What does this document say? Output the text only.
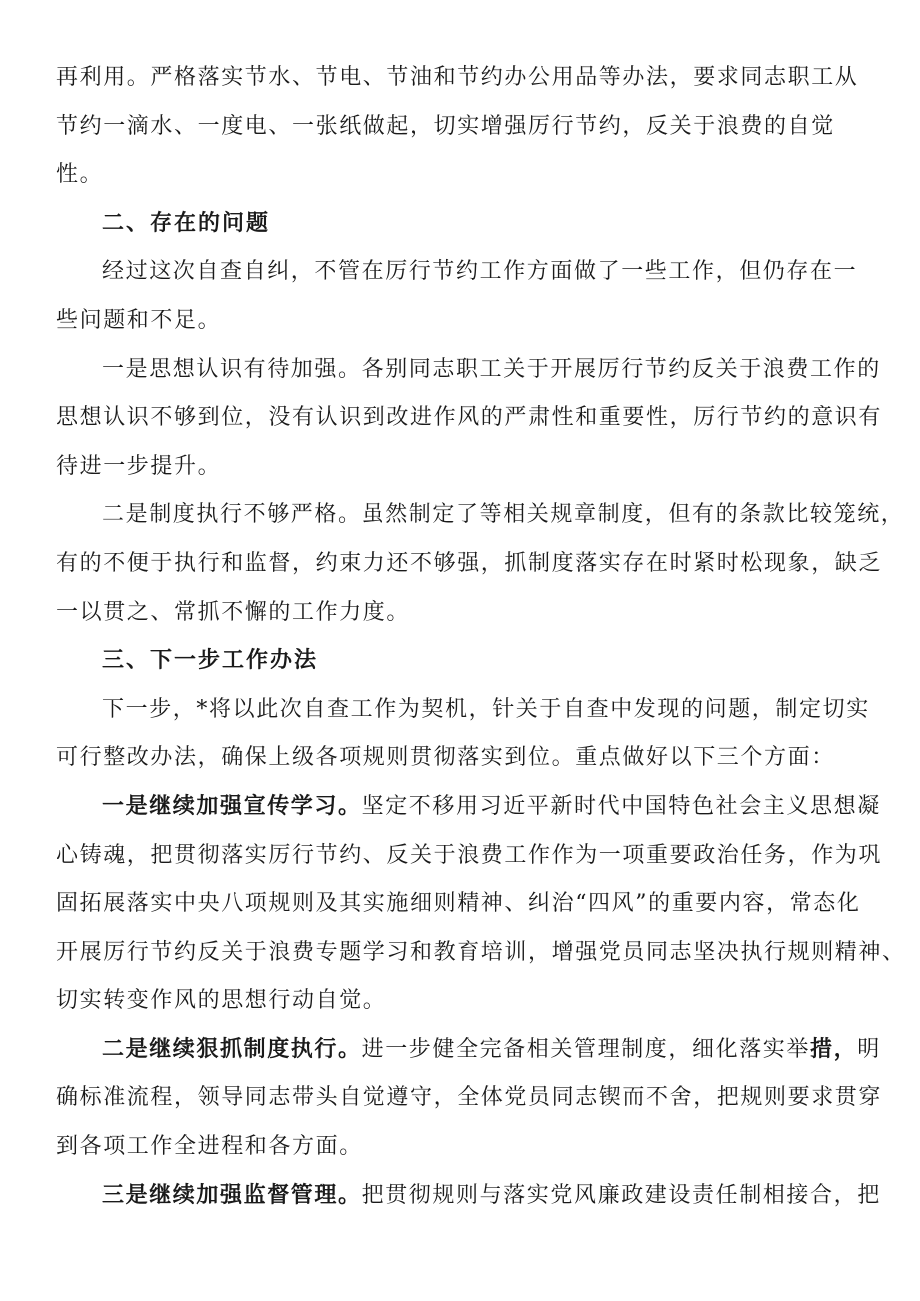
再利用。严格落实节水、节电、节油和节约办公用品等办法，要求同志职工从
节约一滴水、一度电、一张纸做起，切实增强厉行节约，反关于浪费的自觉
性。
二、存在的问题
经过这次自查自纠，不管在厉行节约工作方面做了一些工作，但仍存在一
些问题和不足。
一是思想认识有待加强。各别同志职工关于开展厉行节约反关于浪费工作的
思想认识不够到位，没有认识到改进作风的严肃性和重要性，厉行节约的意识有
待进一步提升。
二是制度执行不够严格。虽然制定了等相关规章制度，但有的条款比较笼统，
有的不便于执行和监督，约束力还不够强，抓制度落实存在时紧时松现象，缺乏
一以贯之、常抓不懈的工作力度。
三、下一步工作办法
下一步，*将以此次自查工作为契机，针关于自查中发现的问题，制定切实
可行整改办法，确保上级各项规则贯彻落实到位。重点做好以下三个方面：
一是继续加强宣传学习。坚定不移用习近平新时代中国特色社会主义思想凝
心铸魂，把贯彻落实厉行节约、反关于浪费工作作为一项重要政治任务，作为巩
固拓展落实中央八项规则及其实施细则精神、纠治“四风”的重要内容，常态化
开展厉行节约反关于浪费专题学习和教育培训，增强党员同志坚决执行规则精神、
切实转变作风的思想行动自觉。
二是继续狠抓制度执行。进一步健全完备相关管理制度，细化落实举措，明
确标准流程，领导同志带头自觉遵守，全体党员同志锲而不舍，把规则要求贯穿
到各项工作全进程和各方面。
三是继续加强监督管理。把贯彻规则与落实党风廉政建设责任制相接合，把
